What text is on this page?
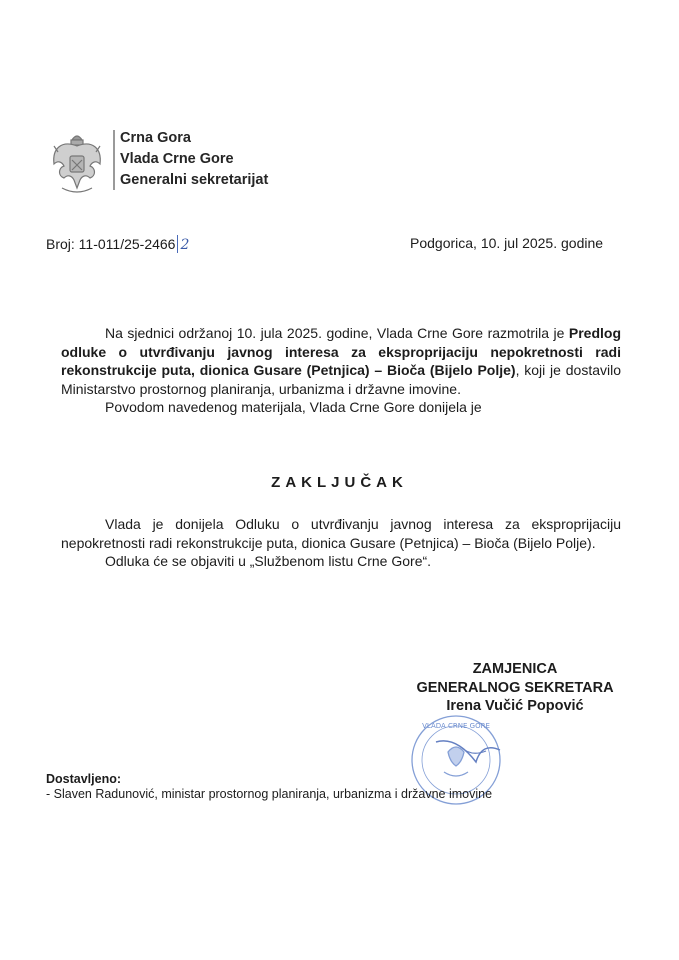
Crna Gora
Vlada Crne Gore
Generalni sekretarijat
Broj: 11-011/25-2466 2	Podgorica, 10. jul 2025. godine
Na sjednici održanoj 10. jula 2025. godine, Vlada Crne Gore razmotrila je Predlog odluke o utvrđivanju javnog interesa za eksproprijaciju nepokretnosti radi rekonstrukcije puta, dionica Gusare (Petnjica) – Bioča (Bijelo Polje), koji je dostavilo Ministarstvo prostornog planiranja, urbanizma i državne imovine.
Povodom navedenog materijala, Vlada Crne Gore donijela je
ZAKLJUČAK
Vlada je donijela Odluku o utvrđivanju javnog interesa za eksproprijaciju nepokretnosti radi rekonstrukcije puta, dionica Gusare (Petnjica) – Bioča (Bijelo Polje).
Odluka će se objaviti u „Službenom listu Crne Gore“.
ZAMJENICA
GENERALNOG SEKRETARA
Irena Vučić Popović
VLADA CRNE GORE
Dostavljeno:
- Slaven Radunović, ministar prostornog planiranja, urbanizma i državne imovine
